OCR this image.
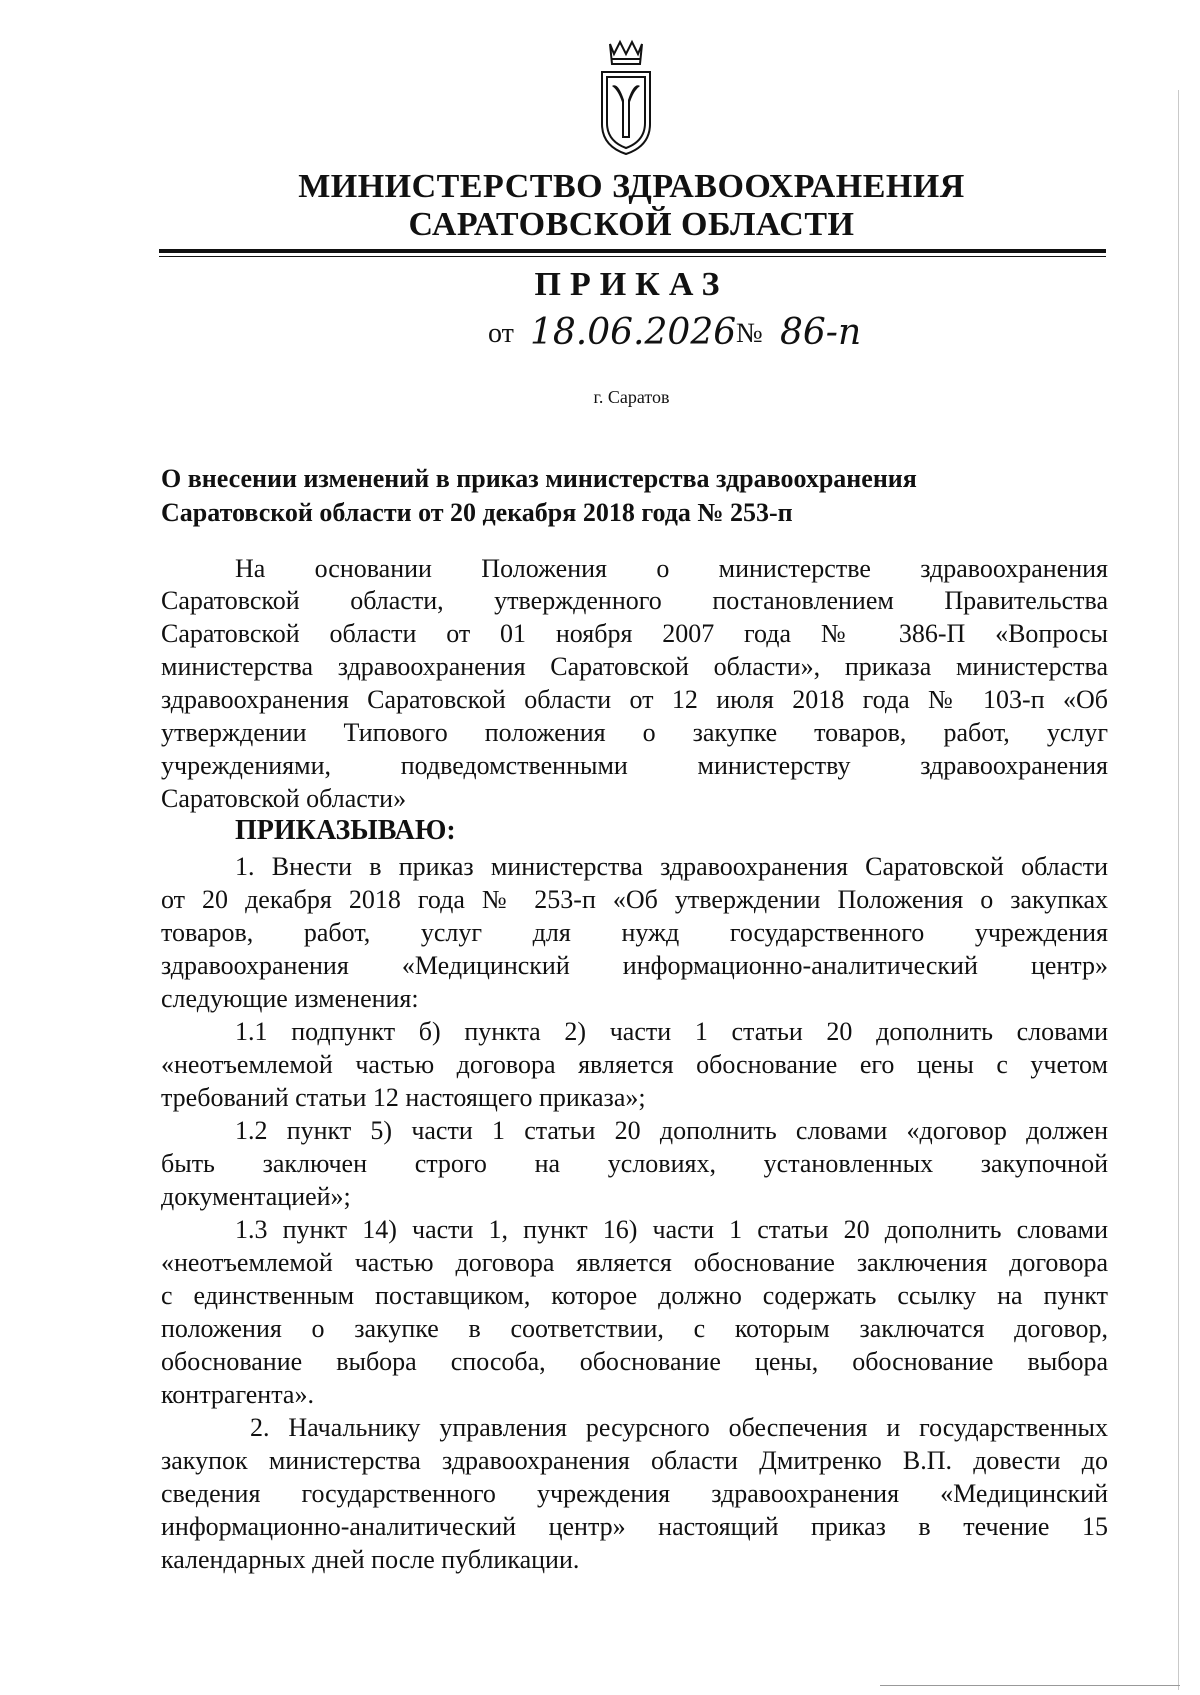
МИНИСТЕРСТВО ЗДРАВООХРАНЕНИЯ
САРАТОВСКОЙ ОБЛАСТИ
ПРИКАЗ
от 18.06.2026 № 86-п
г. Саратов
О внесении изменений в приказ министерства здравоохранения
Саратовской области от 20 декабря 2018 года № 253-п
На основании Положения о министерстве здравоохранения
Саратовской области, утвержденного постановлением Правительства
Саратовской области от 01 ноября 2007 года № 386-П «Вопросы
министерства здравоохранения Саратовской области», приказа министерства
здравоохранения Саратовской области от 12 июля 2018 года № 103-п «Об
утверждении Типового положения о закупке товаров, работ, услуг
учреждениями, подведомственными министерству здравоохранения
Саратовской области»
ПРИКАЗЫВАЮ:
1. Внести в приказ министерства здравоохранения Саратовской области
от 20 декабря 2018 года № 253-п «Об утверждении Положения о закупках
товаров, работ, услуг для нужд государственного учреждения
здравоохранения «Медицинский информационно-аналитический центр»
следующие изменения:
1.1 подпункт б) пункта 2) части 1 статьи 20 дополнить словами
«неотъемлемой частью договора является обоснование его цены с учетом
требований статьи 12 настоящего приказа»;
1.2 пункт 5) части 1 статьи 20 дополнить словами «договор должен
быть заключен строго на условиях, установленных закупочной
документацией»;
1.3 пункт 14) части 1, пункт 16) части 1 статьи 20 дополнить словами
«неотъемлемой частью договора является обоснование заключения договора
с единственным поставщиком, которое должно содержать ссылку на пункт
положения о закупке в соответствии, с которым заключатся договор,
обоснование выбора способа, обоснование цены, обоснование выбора
контрагента».
2. Начальнику управления ресурсного обеспечения и государственных
закупок министерства здравоохранения области Дмитренко В.П. довести до
сведения государственного учреждения здравоохранения «Медицинский
информационно-аналитический центр» настоящий приказ в течение 15
календарных дней после публикации.
